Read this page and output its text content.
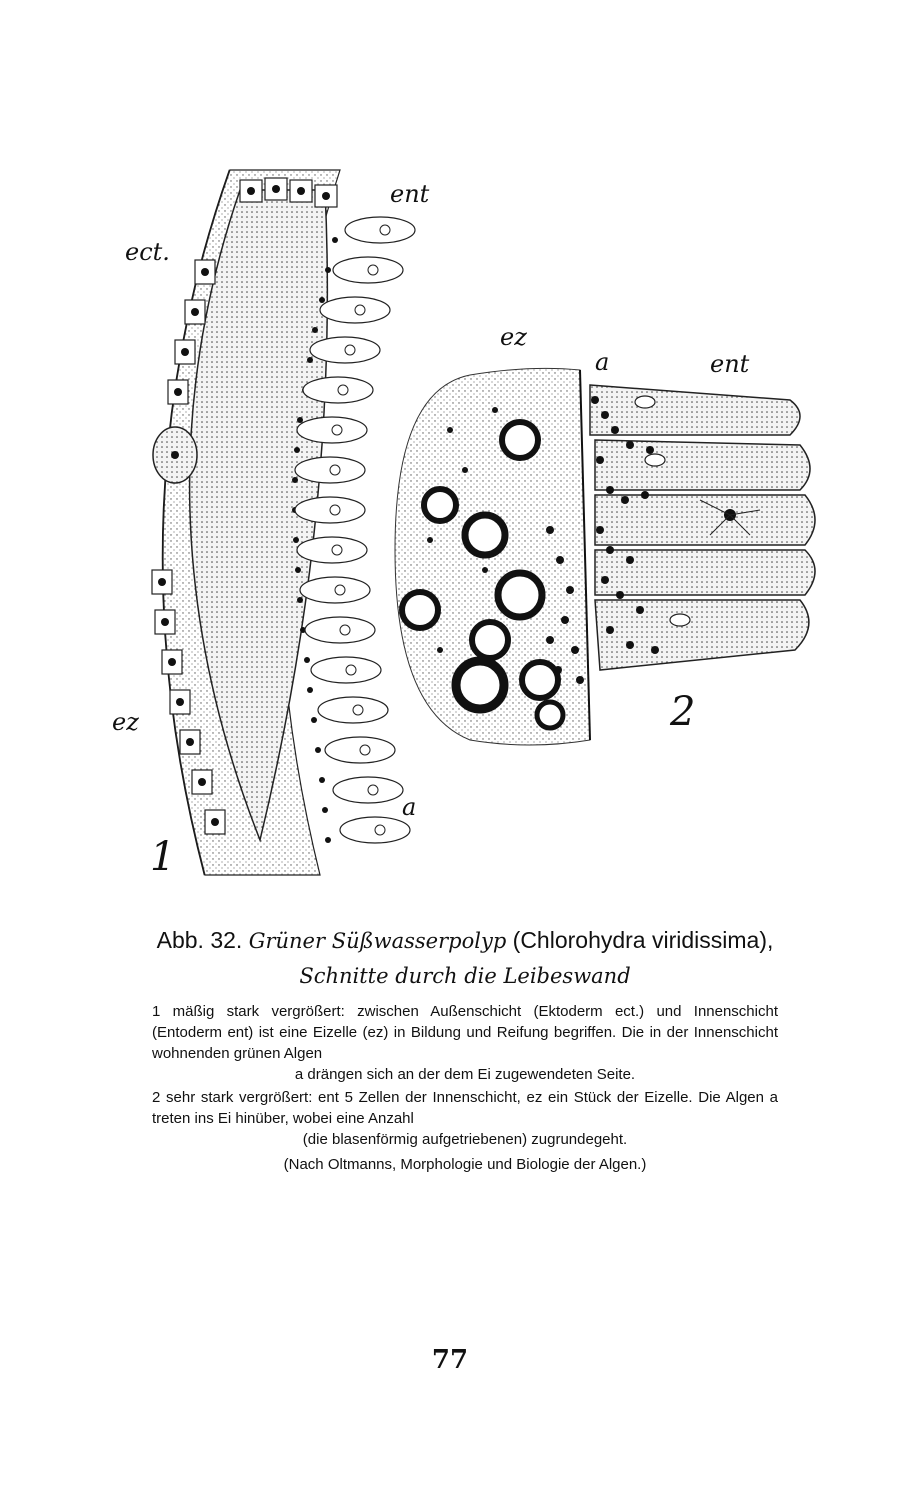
ect.
ent
ez
a
1
ez
a	ent
2
Abb. 32. Grüner Süßwasserpolyp (Chlorohydra viridissima),
Schnitte durch die Leibeswand
1 mäßig stark vergrößert: zwischen Außenschicht (Ektoderm ect.) und Innenschicht (Entoderm ent) ist eine Eizelle (ez) in Bildung und Reifung begriffen. Die in der Innenschicht wohnenden grünen Algen
a drängen sich an der dem Ei zugewendeten Seite.
2 sehr stark vergrößert: ent 5 Zellen der Innenschicht, ez ein Stück der Eizelle. Die Algen a treten ins Ei hinüber, wobei eine Anzahl
(die blasenförmig aufgetriebenen) zugrundegeht.
(Nach Oltmanns, Morphologie und Biologie der Algen.)
77
